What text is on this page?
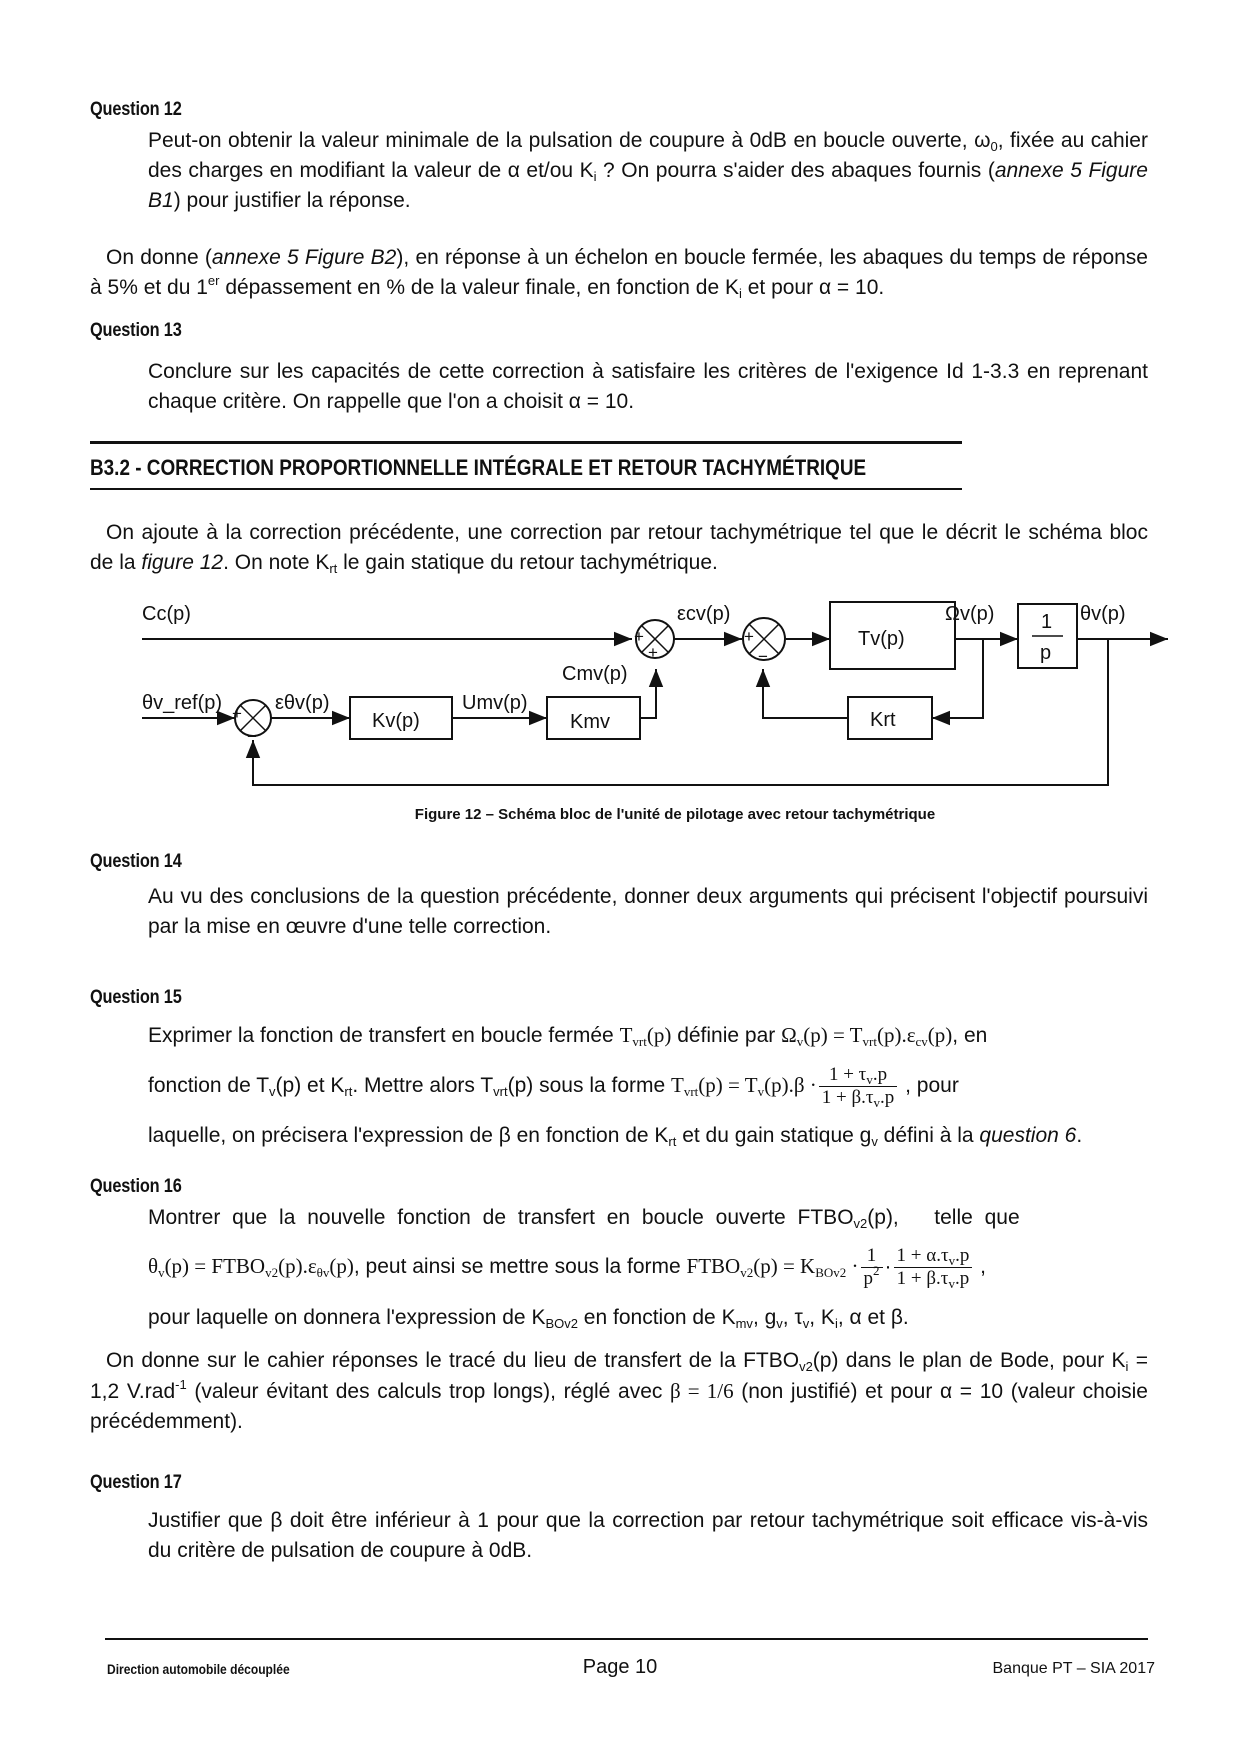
Question 12

Peut-on obtenir la valeur minimale de la pulsation de coupure à 0dB en boucle ouverte, $\omega_0$, fixée au cahier des charges en modifiant la valeur de α et/ou $K_i$ ? On pourra s'aider des abaques fournis (annexe 5 Figure B1) pour justifier la réponse.

On donne (annexe 5 Figure B2), en réponse à un échelon en boucle fermée, les abaques du temps de réponse à 5% et du 1er dépassement en % de la valeur finale, en fonction de $K_i$ et pour α = 10.

Question 13

Conclure sur les capacités de cette correction à satisfaire les critères de l'exigence Id 1-3.3 en reprenant chaque critère. On rappelle que l'on a choisit α = 10.

B3.2 - CORRECTION PROPORTIONNELLE INTÉGRALE ET RETOUR TACHYMÉTRIQUE

On ajoute à la correction précédente, une correction par retour tachymétrique tel que le décrit le schéma bloc de la figure 12. On note $K_{rt}$ le gain statique du retour tachymétrique.

+
−
+
+
+
−
Cc(p)
θv_ref(p)	εθv(p)
Kv(p)
Umv(p)
Kmv
Cmv(p)
εcv(p)
Tv(p)
Ωv(p) 1
p
θv(p)
Krt
Figure 12 – Schéma bloc de l'unité de pilotage avec retour tachymétrique
Question 14

Au vu des conclusions de la question précédente, donner deux arguments qui précisent l'objectif poursuivi par la mise en œuvre d'une telle correction.

Question 15
Exprimer la fonction de transfert en boucle fermée $T_{vrt}(p)$ définie par $\Omega_v(p) = T_{vrt}(p).\varepsilon_{cv}(p)$, en
fonction de $T_v(p)$ et $K_{rt}$. Mettre alors $T_{vrt}(p)$ sous la forme $T_{vrt}(p) = T_v(p).\beta \cdot \frac{1 + \tau_v.p}{1 + \beta.\tau_v.p}$ , pour
laquelle, on précisera l'expression de β en fonction de $K_{rt}$ et du gain statique $g_v$ défini à la question 6.
Question 16
Montrer que la nouvelle fonction de transfert en boucle ouverte $FTBO_{v2}(p)$,   telle que
$\theta_v(p)$ = $FTBO_{v2}(p).\varepsilon_{\theta v}(p)$, peut ainsi se mettre sous la forme $FTBO_{v2}(p) = K_{BOv2} \cdot \frac{1}{p^2} \cdot \frac{1 + \alpha.\tau_v.p}{1 + \beta.\tau_v.p}$ ,
pour laquelle on donnera l'expression de $K_{BOv2}$ en fonction de $K_{mv}$, $g_v$, $\tau_v$, $K_i$, α et β.

On donne sur le cahier réponses le tracé du lieu de transfert de la $FTBO_{v2}(p)$ dans le plan de Bode, pour $K_i = 1,2$ V.rad$^{-1}$ (valeur évitant des calculs trop longs), réglé avec β = 1/6 (non justifié) et pour α = 10 (valeur choisie précédemment).

Question 17

Justifier que β doit être inférieur à 1 pour que la correction par retour tachymétrique soit efficace vis-à-vis du critère de pulsation de coupure à 0dB.

Direction automobile découplée	Page 10	Banque PT – SIA 2017
